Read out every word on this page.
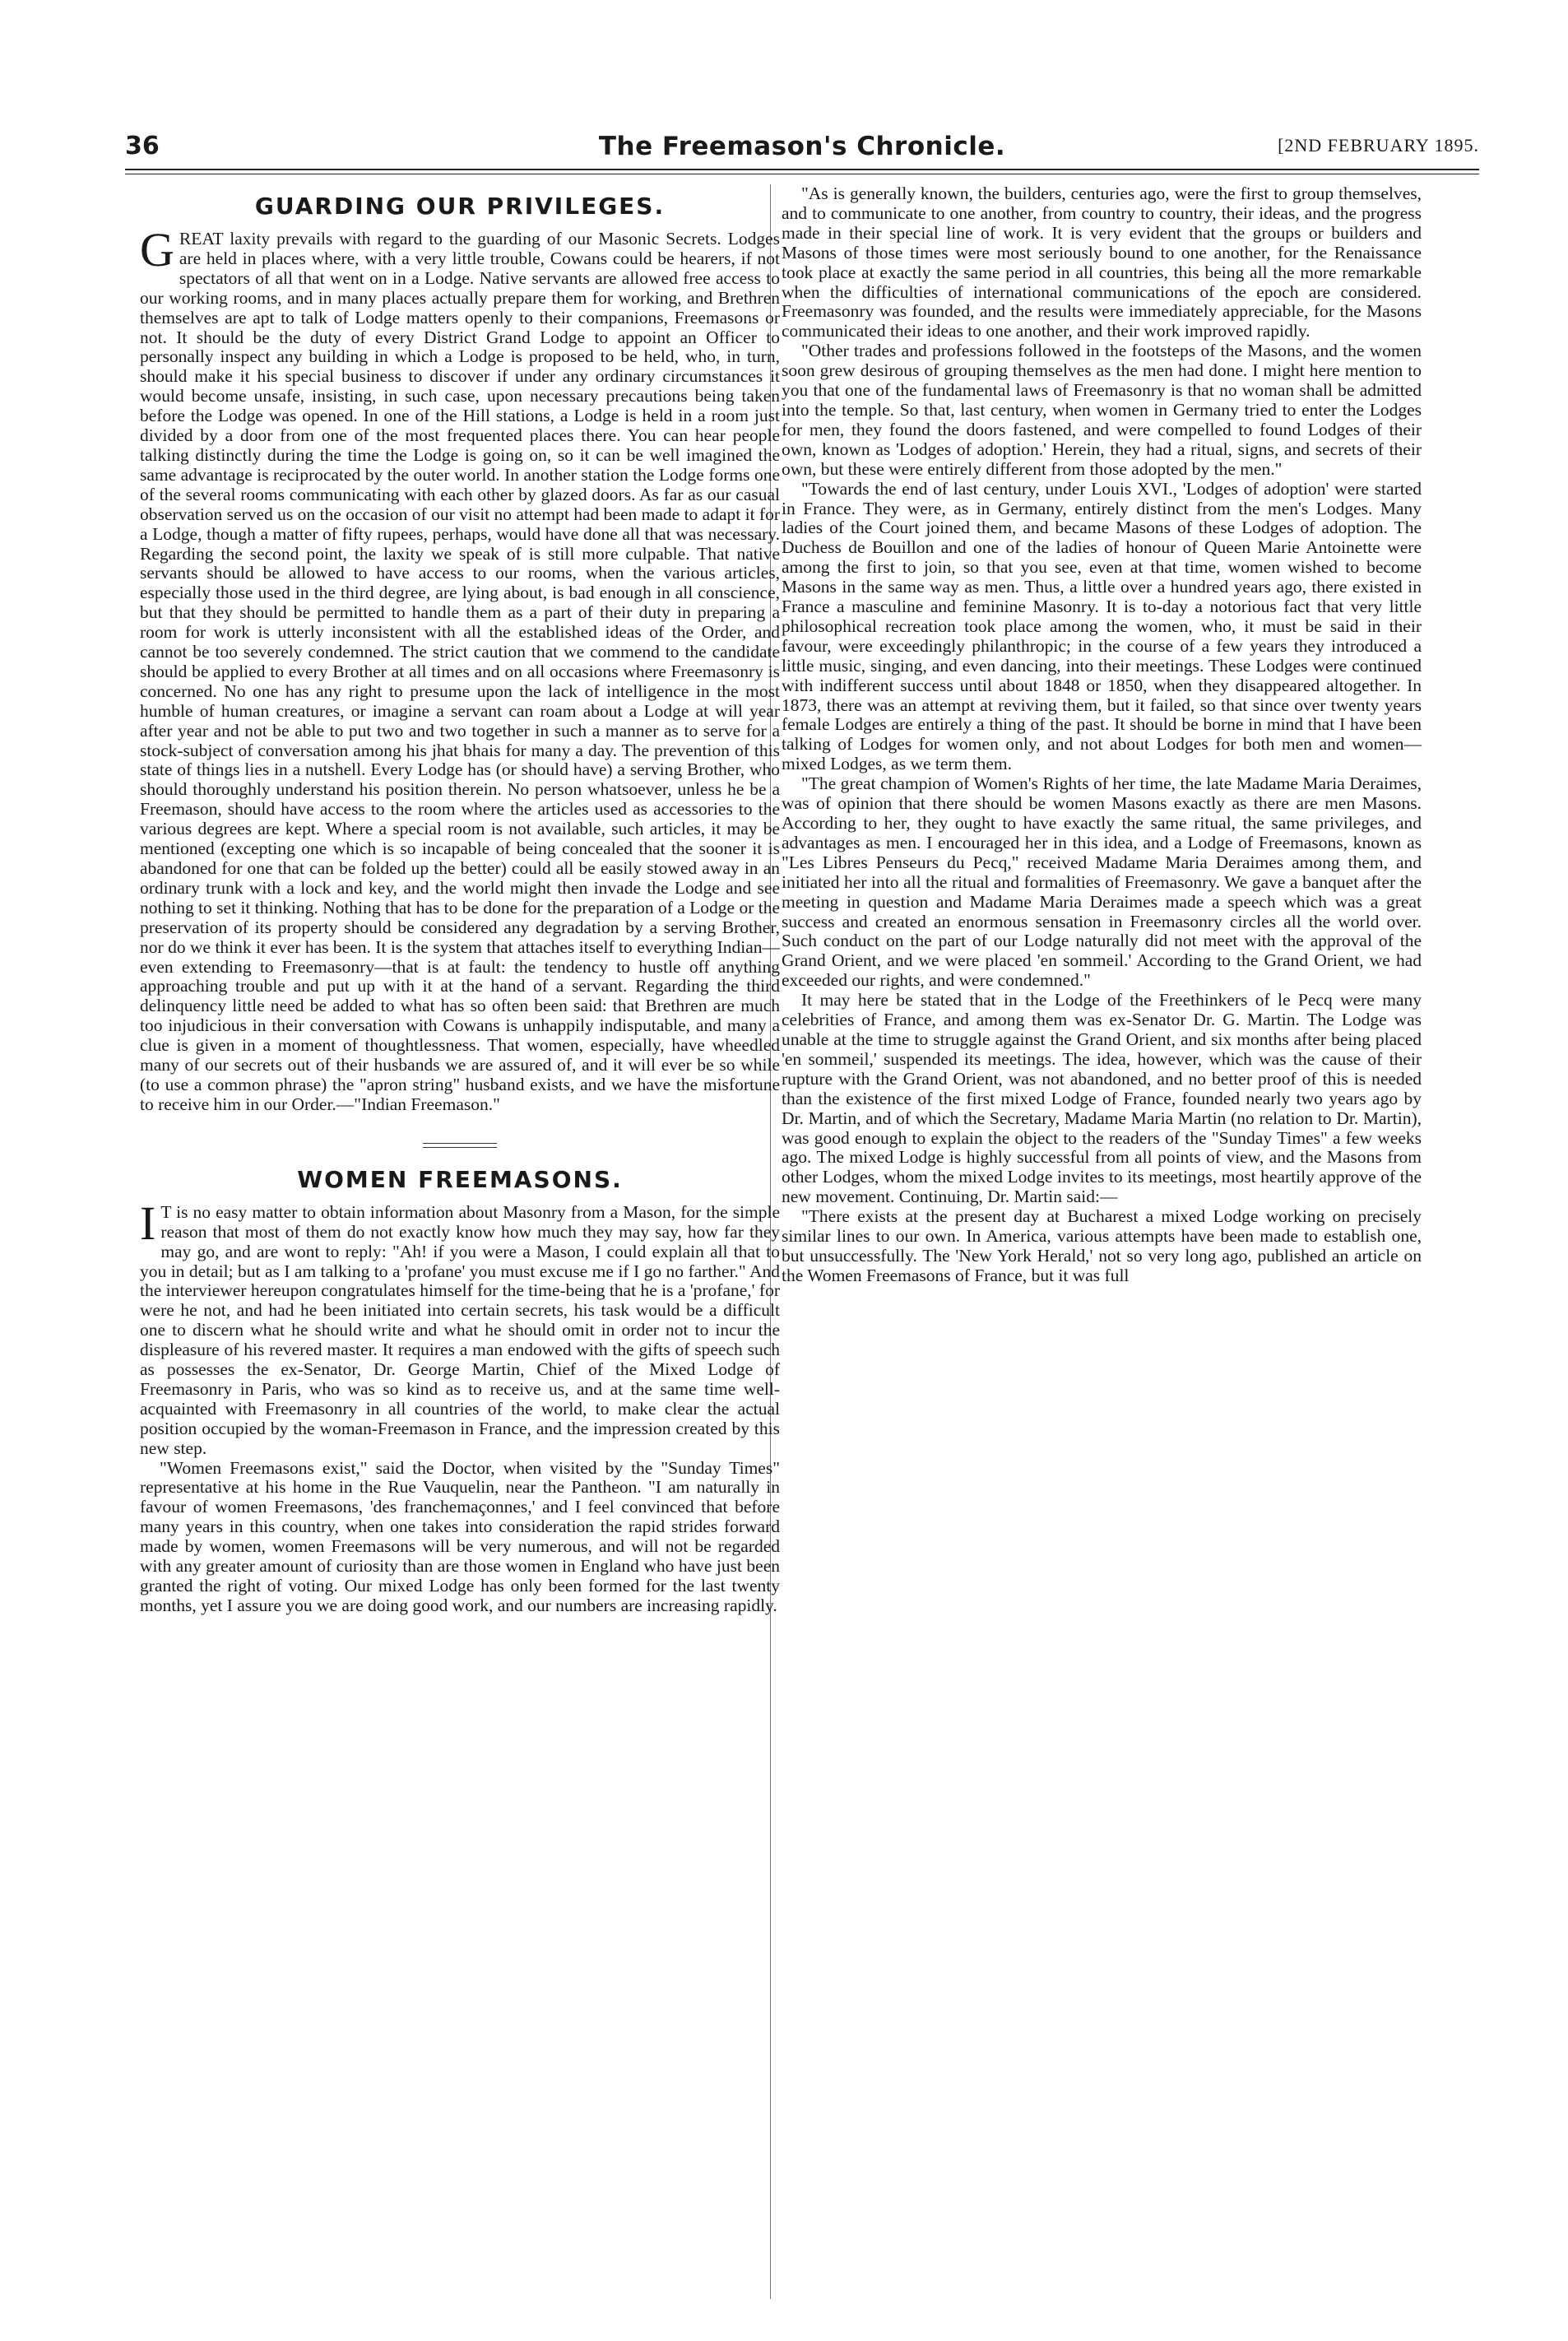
36	The Freemason's Chronicle.	[2ND FEBRUARY 1895.
GUARDING OUR PRIVILEGES.

GREAT laxity prevails with regard to the guarding of our Masonic Secrets. Lodges are held in places where, with a very little trouble, Cowans could be hearers, if not spectators of all that went on in a Lodge. Native servants are allowed free access to our working rooms, and in many places actually prepare them for working, and Brethren themselves are apt to talk of Lodge matters openly to their companions, Freemasons or not. It should be the duty of every District Grand Lodge to appoint an Officer to personally inspect any building in which a Lodge is proposed to be held, who, in turn, should make it his special business to discover if under any ordinary circumstances it would become unsafe, insisting, in such case, upon necessary precautions being taken before the Lodge was opened. In one of the Hill stations, a Lodge is held in a room just divided by a door from one of the most frequented places there. You can hear people talking distinctly during the time the Lodge is going on, so it can be well imagined the same advantage is reciprocated by the outer world. In another station the Lodge forms one of the several rooms communicating with each other by glazed doors. As far as our casual observation served us on the occasion of our visit no attempt had been made to adapt it for a Lodge, though a matter of fifty rupees, perhaps, would have done all that was necessary. Regarding the second point, the laxity we speak of is still more culpable. That native servants should be allowed to have access to our rooms, when the various articles, especially those used in the third degree, are lying about, is bad enough in all conscience, but that they should be permitted to handle them as a part of their duty in preparing a room for work is utterly inconsistent with all the established ideas of the Order, and cannot be too severely condemned. The strict caution that we commend to the candidate should be applied to every Brother at all times and on all occasions where Freemasonry is concerned. No one has any right to presume upon the lack of intelligence in the most humble of human creatures, or imagine a servant can roam about a Lodge at will year after year and not be able to put two and two together in such a manner as to serve for a stock-subject of conversation among his jhat bhais for many a day. The prevention of this state of things lies in a nutshell. Every Lodge has (or should have) a serving Brother, who should thoroughly understand his position therein. No person whatsoever, unless he be a Freemason, should have access to the room where the articles used as accessories to the various degrees are kept. Where a special room is not available, such articles, it may be mentioned (excepting one which is so incapable of being concealed that the sooner it is abandoned for one that can be folded up the better) could all be easily stowed away in an ordinary trunk with a lock and key, and the world might then invade the Lodge and see nothing to set it thinking. Nothing that has to be done for the preparation of a Lodge or the preservation of its property should be considered any degradation by a serving Brother, nor do we think it ever has been. It is the system that attaches itself to everything Indian—even extending to Freemasonry—that is at fault: the tendency to hustle off anything approaching trouble and put up with it at the hand of a servant. Regarding the third delinquency little need be added to what has so often been said: that Brethren are much too injudicious in their conversation with Cowans is unhappily indisputable, and many a clue is given in a moment of thoughtlessness. That women, especially, have wheedled many of our secrets out of their husbands we are assured of, and it will ever be so while (to use a common phrase) the "apron string" husband exists, and we have the misfortune to receive him in our Order.—"Indian Freemason."

WOMEN FREEMASONS.

I T is no easy matter to obtain information about Masonry from a Mason, for the simple reason that most of them do not exactly know how much they may say, how far they may go, and are wont to reply: "Ah! if you were a Mason, I could explain all that to you in detail; but as I am talking to a 'profane' you must excuse me if I go no farther." And the interviewer hereupon congratulates himself for the time-being that he is a 'profane,' for were he not, and had he been initiated into certain secrets, his task would be a difficult one to discern what he should write and what he should omit in order not to incur the displeasure of his revered master. It requires a man endowed with the gifts of speech such as possesses the ex-Senator, Dr. George Martin, Chief of the Mixed Lodge of Freemasonry in Paris, who was so kind as to receive us, and at the same time well-acquainted with Freemasonry in all countries of the world, to make clear the actual position occupied by the woman-Freemason in France, and the impression created by this new step.

"Women Freemasons exist," said the Doctor, when visited by the "Sunday Times" representative at his home in the Rue Vauquelin, near the Pantheon. "I am naturally in favour of women Freemasons, 'des franchemaçonnes,' and I feel convinced that before many years in this country, when one takes into consideration the rapid strides forward made by women, women Freemasons will be very numerous, and will not be regarded with any greater amount of curiosity than are those women in England who have just been granted the right of voting. Our mixed Lodge has only been formed for the last twenty months, yet I assure you we are doing good work, and our numbers are increasing rapidly.

"As is generally known, the builders, centuries ago, were the first to group themselves, and to communicate to one another, from country to country, their ideas, and the progress made in their special line of work. It is very evident that the groups or builders and Masons of those times were most seriously bound to one another, for the Renaissance took place at exactly the same period in all countries, this being all the more remarkable when the difficulties of international communications of the epoch are considered. Freemasonry was founded, and the results were immediately appreciable, for the Masons communicated their ideas to one another, and their work improved rapidly.

"Other trades and professions followed in the footsteps of the Masons, and the women soon grew desirous of grouping themselves as the men had done. I might here mention to you that one of the fundamental laws of Freemasonry is that no woman shall be admitted into the temple. So that, last century, when women in Germany tried to enter the Lodges for men, they found the doors fastened, and were compelled to found Lodges of their own, known as 'Lodges of adoption.' Herein, they had a ritual, signs, and secrets of their own, but these were entirely different from those adopted by the men."

"Towards the end of last century, under Louis XVI., 'Lodges of adoption' were started in France. They were, as in Germany, entirely distinct from the men's Lodges. Many ladies of the Court joined them, and became Masons of these Lodges of adoption. The Duchess de Bouillon and one of the ladies of honour of Queen Marie Antoinette were among the first to join, so that you see, even at that time, women wished to become Masons in the same way as men. Thus, a little over a hundred years ago, there existed in France a masculine and feminine Masonry. It is to-day a notorious fact that very little philosophical recreation took place among the women, who, it must be said in their favour, were exceedingly philanthropic; in the course of a few years they introduced a little music, singing, and even dancing, into their meetings. These Lodges were continued with indifferent success until about 1848 or 1850, when they disappeared altogether. In 1873, there was an attempt at reviving them, but it failed, so that since over twenty years female Lodges are entirely a thing of the past. It should be borne in mind that I have been talking of Lodges for women only, and not about Lodges for both men and women—mixed Lodges, as we term them.

"The great champion of Women's Rights of her time, the late Madame Maria Deraimes, was of opinion that there should be women Masons exactly as there are men Masons. According to her, they ought to have exactly the same ritual, the same privileges, and advantages as men. I encouraged her in this idea, and a Lodge of Freemasons, known as "Les Libres Penseurs du Pecq," received Madame Maria Deraimes among them, and initiated her into all the ritual and formalities of Freemasonry. We gave a banquet after the meeting in question and Madame Maria Deraimes made a speech which was a great success and created an enormous sensation in Freemasonry circles all the world over. Such conduct on the part of our Lodge naturally did not meet with the approval of the Grand Orient, and we were placed 'en sommeil.' According to the Grand Orient, we had exceeded our rights, and were condemned."

It may here be stated that in the Lodge of the Freethinkers of le Pecq were many celebrities of France, and among them was ex-Senator Dr. G. Martin. The Lodge was unable at the time to struggle against the Grand Orient, and six months after being placed 'en sommeil,' suspended its meetings. The idea, however, which was the cause of their rupture with the Grand Orient, was not abandoned, and no better proof of this is needed than the existence of the first mixed Lodge of France, founded nearly two years ago by Dr. Martin, and of which the Secretary, Madame Maria Martin (no relation to Dr. Martin), was good enough to explain the object to the readers of the "Sunday Times" a few weeks ago. The mixed Lodge is highly successful from all points of view, and the Masons from other Lodges, whom the mixed Lodge invites to its meetings, most heartily approve of the new movement. Continuing, Dr. Martin said:—

"There exists at the present day at Bucharest a mixed Lodge working on precisely similar lines to our own. In America, various attempts have been made to establish one, but unsuccessfully. The 'New York Herald,' not so very long ago, published an article on the Women Freemasons of France, but it was full
